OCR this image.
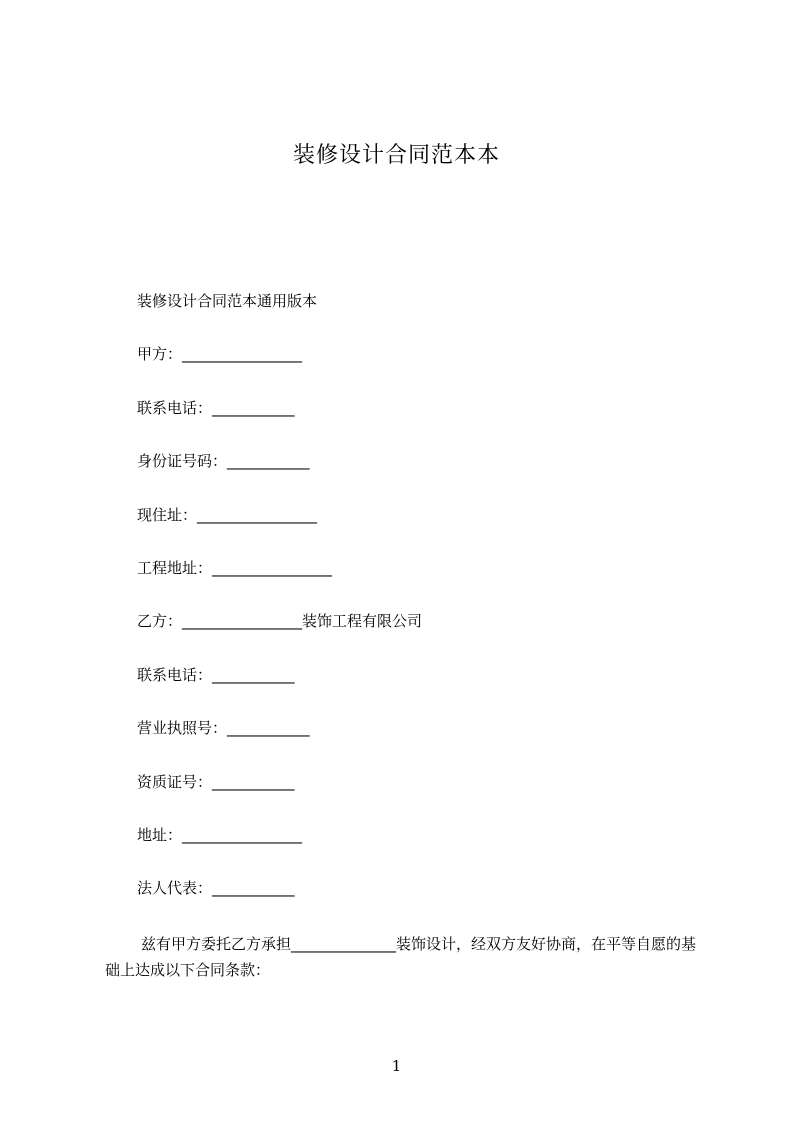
装修设计合同范本本

装修设计合同范本通用版本

甲方：________________

联系电话：___________

身份证号码：___________

现住址：________________

工程地址：________________

乙方：________________装饰工程有限公司

联系电话：___________

营业执照号：___________

资质证号：___________

地址：________________

法人代表：___________

兹有甲方委托乙方承担______________装饰设计，经双方友好协商，在平等自愿的基础上达成以下合同条款：

1
